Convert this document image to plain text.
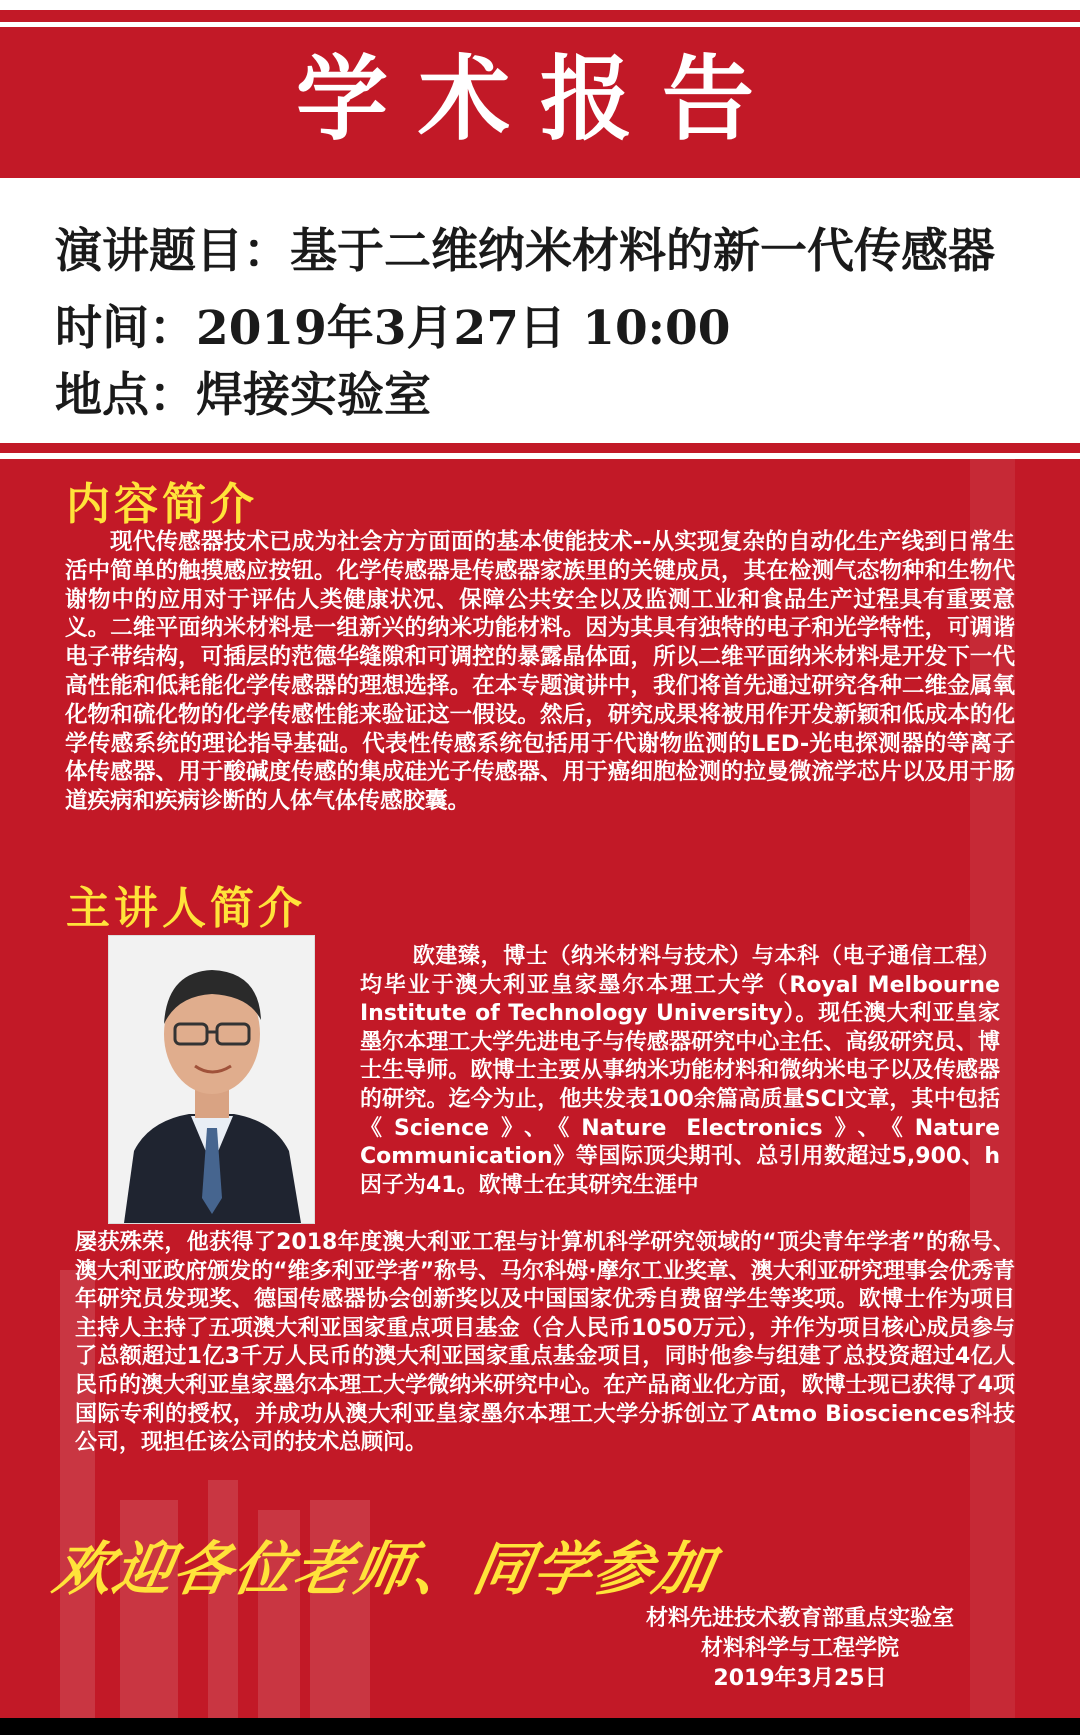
学术报告
演讲题目：基于二维纳米材料的新一代传感器
时间：2019年3月27日 10:00
地点：焊接实验室
内容简介
现代传感器技术已成为社会方方面面的基本使能技术--从实现复杂的自动化生产线到日常生活中简单的触摸感应按钮。化学传感器是传感器家族里的关键成员，其在检测气态物种和生物代谢物中的应用对于评估人类健康状况、保障公共安全以及监测工业和食品生产过程具有重要意义。二维平面纳米材料是一组新兴的纳米功能材料。因为其具有独特的电子和光学特性，可调谐电子带结构，可插层的范德华缝隙和可调控的暴露晶体面，所以二维平面纳米材料是开发下一代高性能和低耗能化学传感器的理想选择。在本专题演讲中，我们将首先通过研究各种二维金属氧化物和硫化物的化学传感性能来验证这一假设。然后，研究成果将被用作开发新颖和低成本的化学传感系统的理论指导基础。代表性传感系统包括用于代谢物监测的LED-光电探测器的等离子体传感器、用于酸碱度传感的集成硅光子传感器、用于癌细胞检测的拉曼微流学芯片以及用于肠道疾病和疾病诊断的人体气体传感胶囊。
主讲人简介
欧建臻，博士（纳米材料与技术）与本科（电子通信工程）均毕业于澳大利亚皇家墨尔本理工大学（Royal Melbourne Institute of Technology University）。现任澳大利亚皇家墨尔本理工大学先进电子与传感器研究中心主任、高级研究员、博士生导师。欧博士主要从事纳米功能材料和微纳米电子以及传感器的研究。迄今为止，他共发表100余篇高质量SCI文章，其中包括《Science》、《Nature Electronics》、《Nature Communication》等国际顶尖期刊、总引用数超过5,900、h因子为41。欧博士在其研究生涯中
屡获殊荣，他获得了2018年度澳大利亚工程与计算机科学研究领域的“顶尖青年学者”的称号、澳大利亚政府颁发的“维多利亚学者”称号、马尔科姆·摩尔工业奖章、澳大利亚研究理事会优秀青年研究员发现奖、德国传感器协会创新奖以及中国国家优秀自费留学生等奖项。欧博士作为项目主持人主持了五项澳大利亚国家重点项目基金（合人民币1050万元），并作为项目核心成员参与了总额超过1亿3千万人民币的澳大利亚国家重点基金项目，同时他参与组建了总投资超过4亿人民币的澳大利亚皇家墨尔本理工大学微纳米研究中心。在产品商业化方面，欧博士现已获得了4项国际专利的授权，并成功从澳大利亚皇家墨尔本理工大学分拆创立了Atmo Biosciences科技公司，现担任该公司的技术总顾问。
欢迎各位老师、同学参加
材料先进技术教育部重点实验室
材料科学与工程学院
2019年3月25日
